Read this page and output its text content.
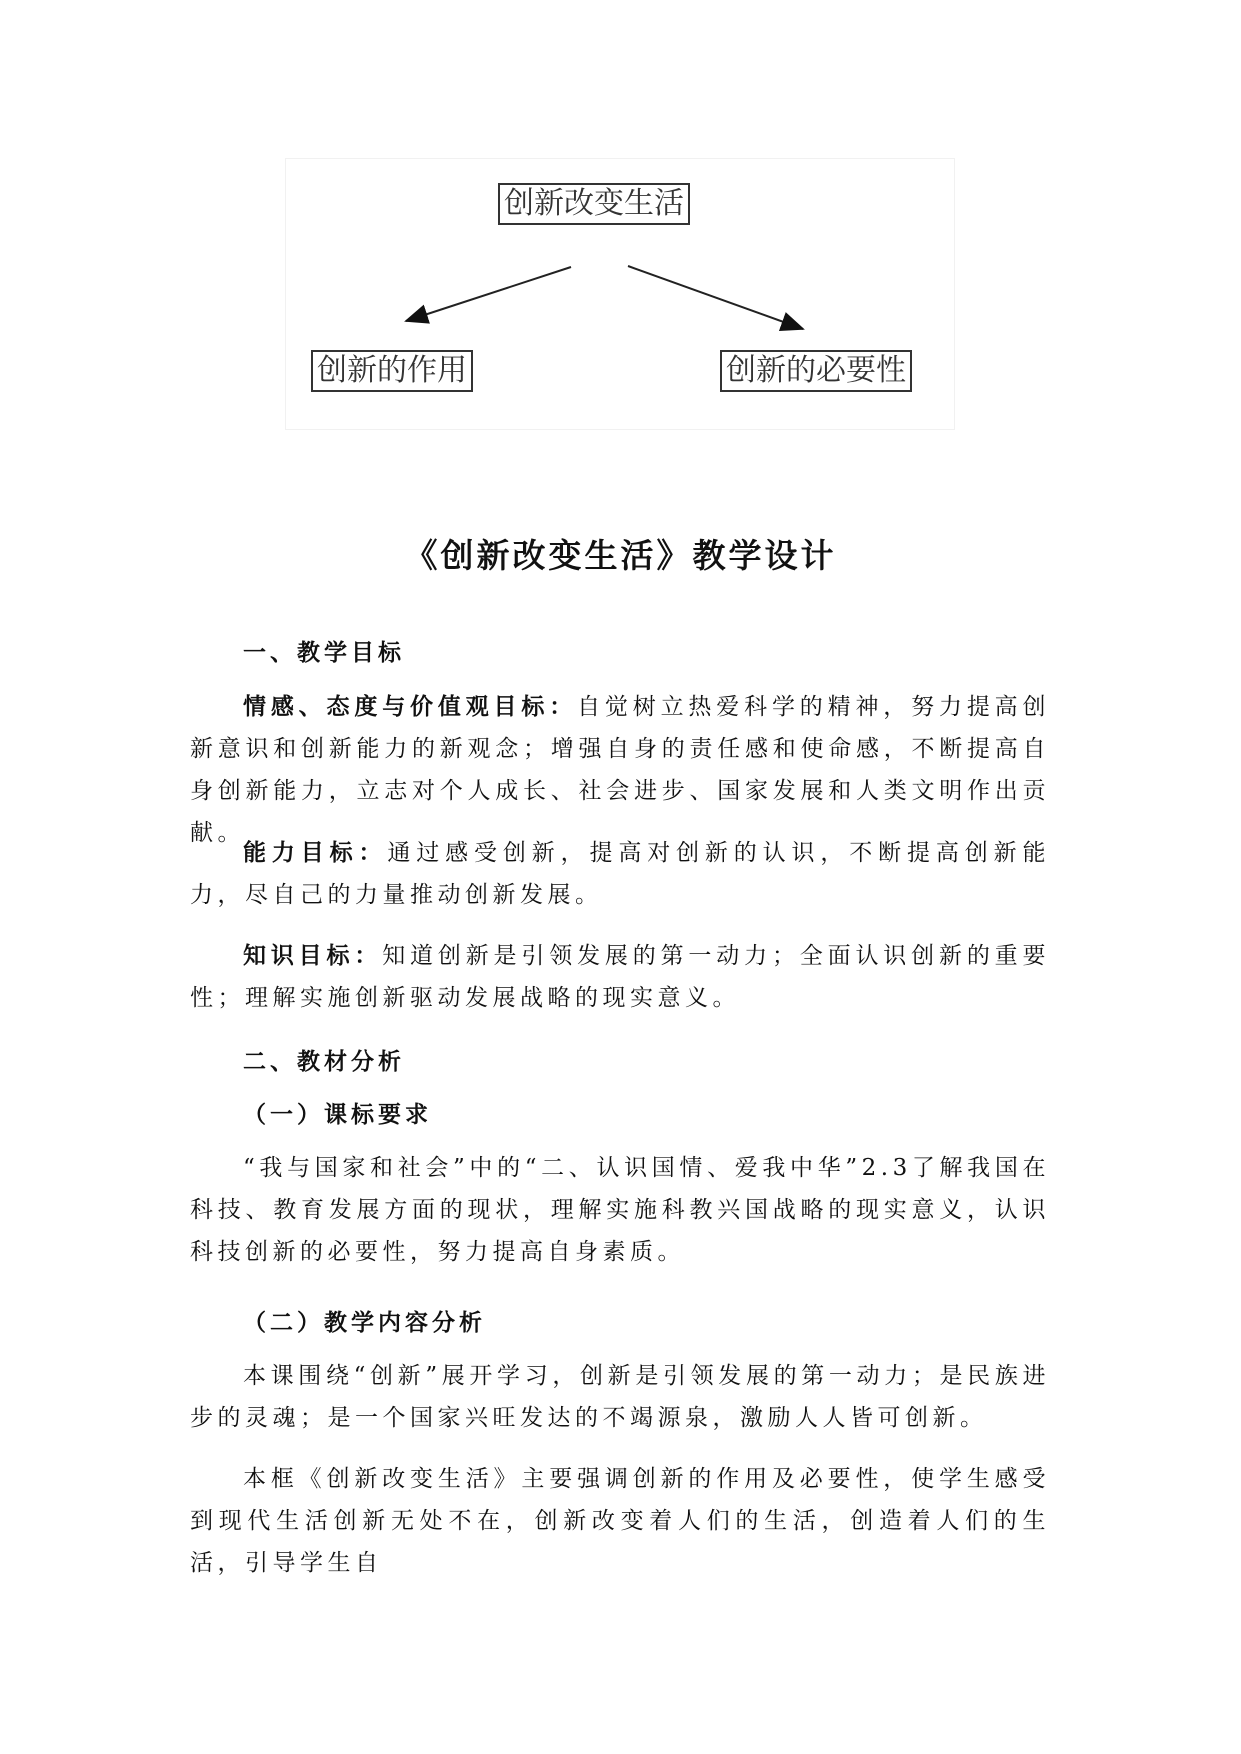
创新改变生活
创新的作用	创新的必要性
《创新改变生活》教学设计
一、教学目标
情感、态度与价值观目标：自觉树立热爱科学的精神，努力提高创新意识和创新能力的新观念；增强自身的责任感和使命感，不断提高自身创新能力，立志对个人成长、社会进步、国家发展和人类文明作出贡献。
能力目标：通过感受创新，提高对创新的认识，不断提高创新能力，尽自己的力量推动创新发展。
知识目标：知道创新是引领发展的第一动力；全面认识创新的重要性；理解实施创新驱动发展战略的现实意义。
二、教材分析
（一）课标要求
“我与国家和社会”中的“二、认识国情、爱我中华”2.3了解我国在科技、教育发展方面的现状，理解实施科教兴国战略的现实意义，认识科技创新的必要性，努力提高自身素质。
（二）教学内容分析
本课围绕“创新”展开学习，创新是引领发展的第一动力；是民族进步的灵魂；是一个国家兴旺发达的不竭源泉，激励人人皆可创新。
本框《创新改变生活》主要强调创新的作用及必要性，使学生感受到现代生活创新无处不在，创新改变着人们的生活，创造着人们的生活，引导学生自
